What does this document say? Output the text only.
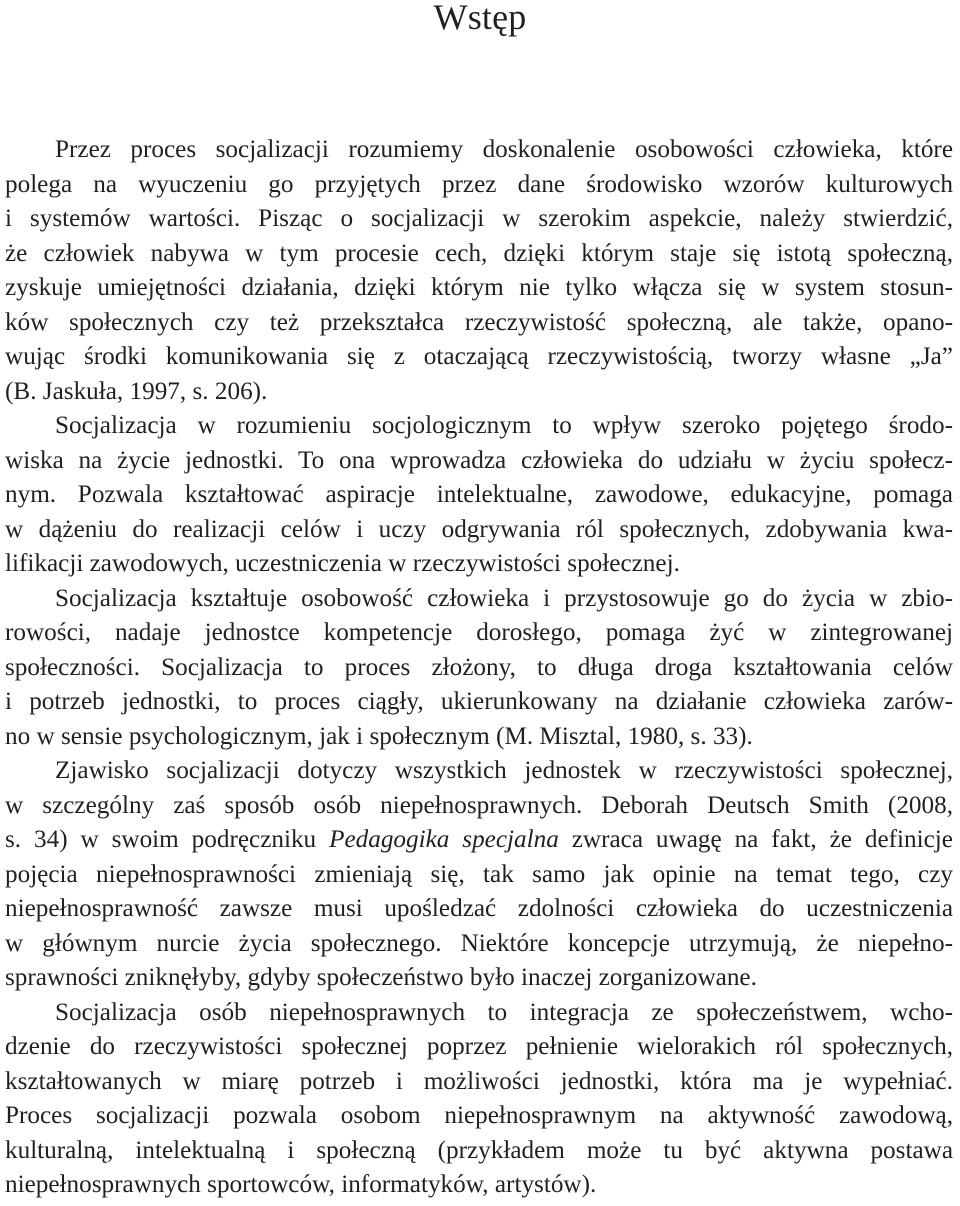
Wstęp
Przez proces socjalizacji rozumiemy doskonalenie osobowości człowieka, które
polega na wyuczeniu go przyjętych przez dane środowisko wzorów kulturowych
i systemów wartości. Pisząc o socjalizacji w szerokim aspekcie, należy stwierdzić,
że człowiek nabywa w tym procesie cech, dzięki którym staje się istotą społeczną,
zyskuje umiejętności działania, dzięki którym nie tylko włącza się w system stosun-
ków społecznych czy też przekształca rzeczywistość społeczną, ale także, opano-
wując środki komunikowania się z otaczającą rzeczywistością, tworzy własne „Ja”
(B. Jaskuła, 1997, s. 206).
Socjalizacja w rozumieniu socjologicznym to wpływ szeroko pojętego środo-
wiska na życie jednostki. To ona wprowadza człowieka do udziału w życiu społecz-
nym. Pozwala kształtować aspiracje intelektualne, zawodowe, edukacyjne, pomaga
w dążeniu do realizacji celów i uczy odgrywania ról społecznych, zdobywania kwa-
lifikacji zawodowych, uczestniczenia w rzeczywistości społecznej.
Socjalizacja kształtuje osobowość człowieka i przystosowuje go do życia w zbio-
rowości, nadaje jednostce kompetencje dorosłego, pomaga żyć w zintegrowanej
społeczności. Socjalizacja to proces złożony, to długa droga kształtowania celów
i potrzeb jednostki, to proces ciągły, ukierunkowany na działanie człowieka zarów-
no w sensie psychologicznym, jak i społecznym (M. Misztal, 1980, s. 33).
Zjawisko socjalizacji dotyczy wszystkich jednostek w rzeczywistości społecznej,
w szczególny zaś sposób osób niepełnosprawnych. Deborah Deutsch Smith (2008,
s. 34) w swoim podręczniku Pedagogika specjalna zwraca uwagę na fakt, że definicje
pojęcia niepełnosprawności zmieniają się, tak samo jak opinie na temat tego, czy
niepełnosprawność zawsze musi upośledzać zdolności człowieka do uczestniczenia
w głównym nurcie życia społecznego. Niektóre koncepcje utrzymują, że niepełno-
sprawności zniknęłyby, gdyby społeczeństwo było inaczej zorganizowane.
Socjalizacja osób niepełnosprawnych to integracja ze społeczeństwem, wcho-
dzenie do rzeczywistości społecznej poprzez pełnienie wielorakich ról społecznych,
kształtowanych w miarę potrzeb i możliwości jednostki, która ma je wypełniać.
Proces socjalizacji pozwala osobom niepełnosprawnym na aktywność zawodową,
kulturalną, intelektualną i społeczną (przykładem może tu być aktywna postawa
niepełnosprawnych sportowców, informatyków, artystów).
